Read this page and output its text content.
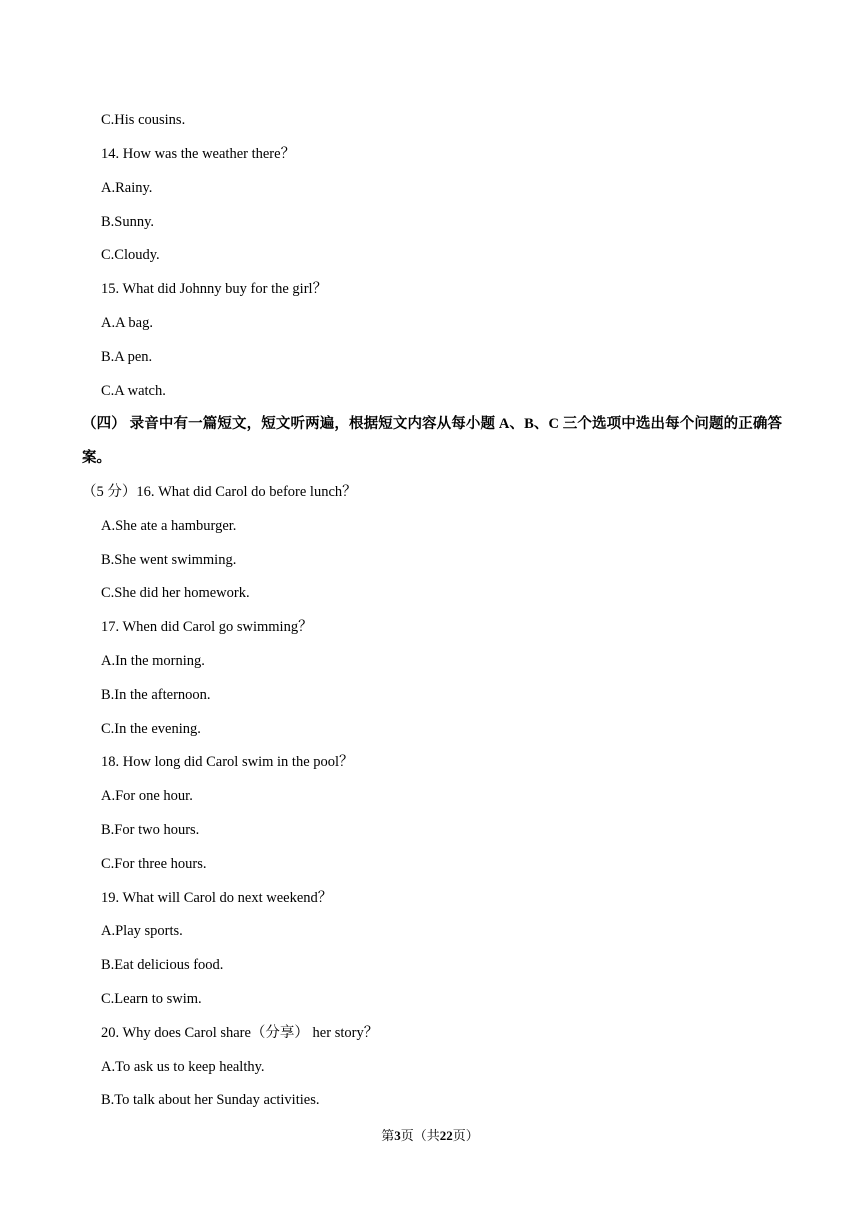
C.His cousins.
14. How was the weather there？
A.Rainy.
B.Sunny.
C.Cloudy.
15. What did Johnny buy for the girl？
A.A bag.
B.A pen.
C.A watch.
（四） 录音中有一篇短文，短文听两遍，根据短文内容从每小题 A、B、C 三个选项中选出每个问题的正确答案。
（5 分）16. What did Carol do before lunch？
A.She ate a hamburger.
B.She went swimming.
C.She did her homework.
17. When did Carol go swimming？
A.In the morning.
B.In the afternoon.
C.In the evening.
18. How long did Carol swim in the pool？
A.For one hour.
B.For two hours.
C.For three hours.
19. What will Carol do next weekend？
A.Play sports.
B.Eat delicious food.
C.Learn to swim.
20. Why does Carol share（分享） her story？
A.To ask us to keep healthy.
B.To talk about her Sunday activities.
第3页（共22页）
